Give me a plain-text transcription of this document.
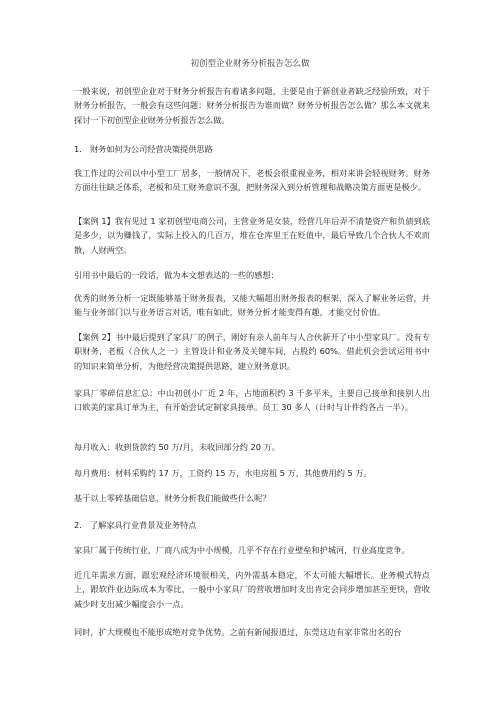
初创型企业财务分析报告怎么做

一般来说，初创型企业对于财务分析报告有着诸多问题，主要是由于新创业者缺乏经验所致，对于财务分析报告，一般会有这些问题：财务分析报告为谁而做？财务分析报告怎么做？那么本文就来探讨一下初创型企业财务分析报告怎么做。

1.　财务如何为公司经营决策提供思路

我工作过的公司以中小型工厂居多，一般情况下，老板会很重视业务，相对来讲会轻视财务。财务方面往往缺乏体系，老板和员工财务意识不强，把财务深入到分析管理和战略决策方面更是极少。

【案例 1】我有见过 1 家初创型电商公司，主营业务是女装，经营几年后弄不清楚资产和负债到底是多少，以为赚钱了，实际上投入的几百万，堆在仓库里王在贬值中，最后导致几个合伙人不欢而散，人财两空。

引用书中最后的一段话，做为本文想表达的一些的感想：

优秀的财务分析一定既能够基于财务报表，又能大幅超出财务报表的框架，深入了解业务运营，并能与业务部门以与业务语言对话，唯有如此，财务分析才能变得有趣，才能交付价值。

【案例 2】书中最后提到了家具厂的例子，刚好有亲人前年与人合伙新开了中小型家具厂。没有专职财务，老板（合伙人之一）主管设计和业务及关键车间，占股约 60%。借此机会尝试运用书中的知识来简单分析，为他经营决策提供思路，建立财务意识。

家具厂零碎信息汇总：中山初创小厂近 2 年，占地面积约 3 千多平米，主要自己接单和接别人出口欧美的家具订单为主，有开始尝试定制家具接单。员工 30 多人（计时与计件约各占一半）。

每月收入：收到货款约 50 万/月，未收回部分约 20 万。

每月费用：材料采购约 17 万，工资约 15 万，水电房租 5 万，其他费用约 5 万。

基于以上零碎基础信息，财务分析我们能做些什么呢？

2.　了解家具行业背景及业务特点

家具厂属于传统行业，厂商八成为中小规模，几乎不存在行业壁垒和护城河，行业高度竞争。

近几年需求方面，跟宏观经济环境很相关，内外需基本稳定，不太可能大幅增长。业务模式特点上，跟软件业边际成本为零比，一般中小家具厂的营收增加时支出肯定会同步增加甚至更快，营收减少时支出减少幅度会小一点。

同时，扩大规模也不能形成绝对竞争优势。之前有新闻报道过，东莞这边有家非常出名的台
